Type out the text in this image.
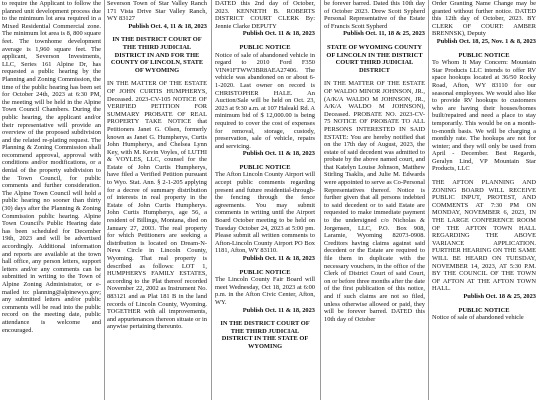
to require the Applicant to follow the planned unit development process due to the minimum lot area required in a Mixed Residential Commercial zone. The minimum lot area is 8, 800 square feet. The townhome development average is 1,960 square feet. The applicant, Severson Investments, LLC, Series 161 Alpine Dr, has requested a public hearing by the Planning and Zoning Commission, the time of the public hearing has been set for October 24th, 2023 at 6:30 PM, the meeting will be held in the Alpine Town Council Chambers. During the public hearing, the applicant and/or their representative will provide an overview of the proposed subdivision and the related re-plating request. The Planning & Zoning Commission shall recommend approval, approval with conditions and/or modifications, or a denial of the property subdivision to the Town Council, for public comments and further consideration. The Alpine Town Council will hold a public hearing no sooner than thirty (30) days after the Planning & Zoning Commission public hearing. Alpine Town Council's Public Hearing date has been scheduled for December 19th, 2023 and will be advertised accordingly. Additional information and reports are available at the town hall office, any person letters, support letters and/or any comments can be submitted in writing to the Town of Alpine Zoning Administrator, or e-mailed to: planning@alpinewyo.gov; any submitted letters and/or public comments will be read into the public record on the meeting date, public attendance is welcome and encouraged.

Severson Town of Star Valley Ranch 171 Vista Drive Star Valley Ranch, WY 83127

Publish Oct. 4, 11 & 18, 2023

IN THE DISTRICT COURT OF THE THIRD JUDICIAL DISTRICT IN AND FOR THE COUNTY OF LINCOLN, STATE OF WYOMING

IN THE MATTER OF THE ESTATE OF JOHN CURTIS HUMPHERYS, Deceased. 2023-CV-105 NOTICE OF VERIFIED PETITION FOR SUMMARY PROBATE OF REAL PROPERTY TAKE NOTICE that Petitioners Janet G. Olsen, formerly known as Janet G. Humpherys, Curtis John Humpherys, and Chelsea Lynn Key, with M. Kevin Voyles, of LUTHI & VOYLES, LLC, counsel for the Estate of John Curtis Humpherys, have filed a Verified Petition pursuant to Wyo. Stat. Ann. § 2-1-205 applying for a decree of summary distribution of interests in real property in the Estate of John Curtis Humpherys. John Curtis Humpherys, age 56, a resident of Billings, Montana, died on January 27, 2003. The real property for which Petitioners are seeking a distribution is located on Dream-N-Neva Circle in Lincoln County, Wyoming. That real property is described as follows: LOT 1, HUMPHERYS FAMILY ESTATES, according to the Plat thereof recorded November 22, 2002 as Instrument No. 883121 and as Plat 181 B in the land records of Lincoln County, Wyoming. TOGETHER with all improvements, and appurtenances thereon situate or in anywise pertaining thereunto.

DATED this 2nd day of October, 2023. KENNETH B. ROBERTS DISTRICT COURT CLERK By: Jennie Clarke DEPUTY

Publish Oct. 11 & 18, 2023

PUBLIC NOTICE

Notice of sale of abandoned vehicle in regard to 2010 Ford F350 VIN#1FTWW3BR8AEA27406. The vehicle was abandoned on or about 6-1-2020. Last owner on record is CHRISTOPHER HALE. An Auction/Sale will be held on Oct. 23, 2023 at 9:30 a.m. at 107 Haleakl Rd. A minimum bid of $ 12,000.00 is being required to cover the cost of expenses for removal, storage, custody, preservation, sale of vehicle, repairs and servicing.

Publish Oct. 11 & 18, 2023

PUBLIC NOTICE

The Afton Lincoln County Airport will accept public comments regarding present and future residential-through-the fencing through the fence agreements. You may submit comments in writing until the Airport Board October meeting to be held on Tuesday October 24, 2023 at 5:00 pm. Please submit all written comments to Afton-Lincoln County Airport PO Box 1181, Afton, WY 83110.

Publish Oct. 11 & 18, 2023

PUBLIC NOTICE

The Lincoln County Fair Board will meet Wednesday, Oct 18, 2023 at 6:00 p.m. in the Afton Civic Center, Afton, WY.

Publish Oct. 11 & 18, 2023

IN THE DISTRICT COURT OF THE THIRD JUDICIAL DISTRICT IN THE STATE OF WYOMING

be forever barred. Dated this 10th day of October 2023. Drew Scott Sypherd Personal Representative of the Estate of Francis Scott Sypherd

Publish Oct. 11, 18 & 25, 2023

STATE OF WYOMING COUNTY OF LINCOLN IN THE DISTRICT COURT THIRD JUDICIAL DISTRICT

IN THE MATTER OF THE ESTATE OF WALDO MINOR JOHNSON, JR., (A/K/A WALDO M JOHNSON, JR., A/K/A WALDO M JOHNSON), Deceased. PROBATE NO. 2023-CV-75 NOTICE OF PROBATE TO ALL PERSONS INTERESTED IN SAID ESTATE: You are hereby notified that on the 17th day of August, 2023, the estate of said decedent was admitted to probate by the above named court, and that Katelyn Louise Johnson, Matthew Stirling Tsaklis, and Julie M. Edwards were appointed to serve as Co-Personal Representatives thereof. Notice is further given that all persons indebted to said decedent or to said Estate are requested to make immediate payment to the undersigned c/o Nicholas & Jorgensen, LLC, P.O. Box 908, Laramie, Wyoming 82073-0908. Creditors having claims against said decedent or the Estate are required to file them in duplicate with the necessary vouchers, in the office of the Clerk of District Court of said Court, on or before three months after the date of the first publication of this notice, and if such claims are not so filed, unless otherwise allowed or paid, they will be forever barred. DATED this 10th day of October

Order Granting Name Change may be granted without further notice. DATED this 12th day of October, 2023. BY CLERK OF COURT: AMBER BRENNSK), Deputy

Publish Oct. 18, 25, Nov. 1 & 8, 2023

PUBLIC NOTICE

To Whom It May Concern: Mountain Star Products LLC intends to offer RV space hookups located at 36/50 Rocky Road, Afton, WY 83110 for our seasonal employees. We would also like to provide RV hookups to customers who are having their houses/homes built/repaired and need a place to stay temporarily. This would be on a month-to-month basis. We will be charging a monthly rate. The hookups are not for winter; and they will only be used from April - December. Best Regards, Geralyn Lind, VP Mountain Star Products, LLC

THE AFTON PLANNING AND ZONING BOARD WILL RECEIVE PUBLIC INPUT, PROTEST, AND COMMENTS AT 7:30 PM ON MONDAY, NOVEMBER 6, 2023, IN THE LARGE CONFERENCE ROOM OF THE AFTON TOWN HALL REGARDING THE ABOVE VARIANCE APPLICATION. FURTHER HEARING ON THE SAME WILL BE HEARD ON TUESDAY, NOVEMBER 14, 2023, AT 5:30 P.M. BY THE COUNCIL OF THE TOWN OF AFTON AT THE AFTON TOWN HALL.

Publish Oct. 18 & 25, 2023

PUBLIC NOTICE

Notice of sale of abandoned vehicle
